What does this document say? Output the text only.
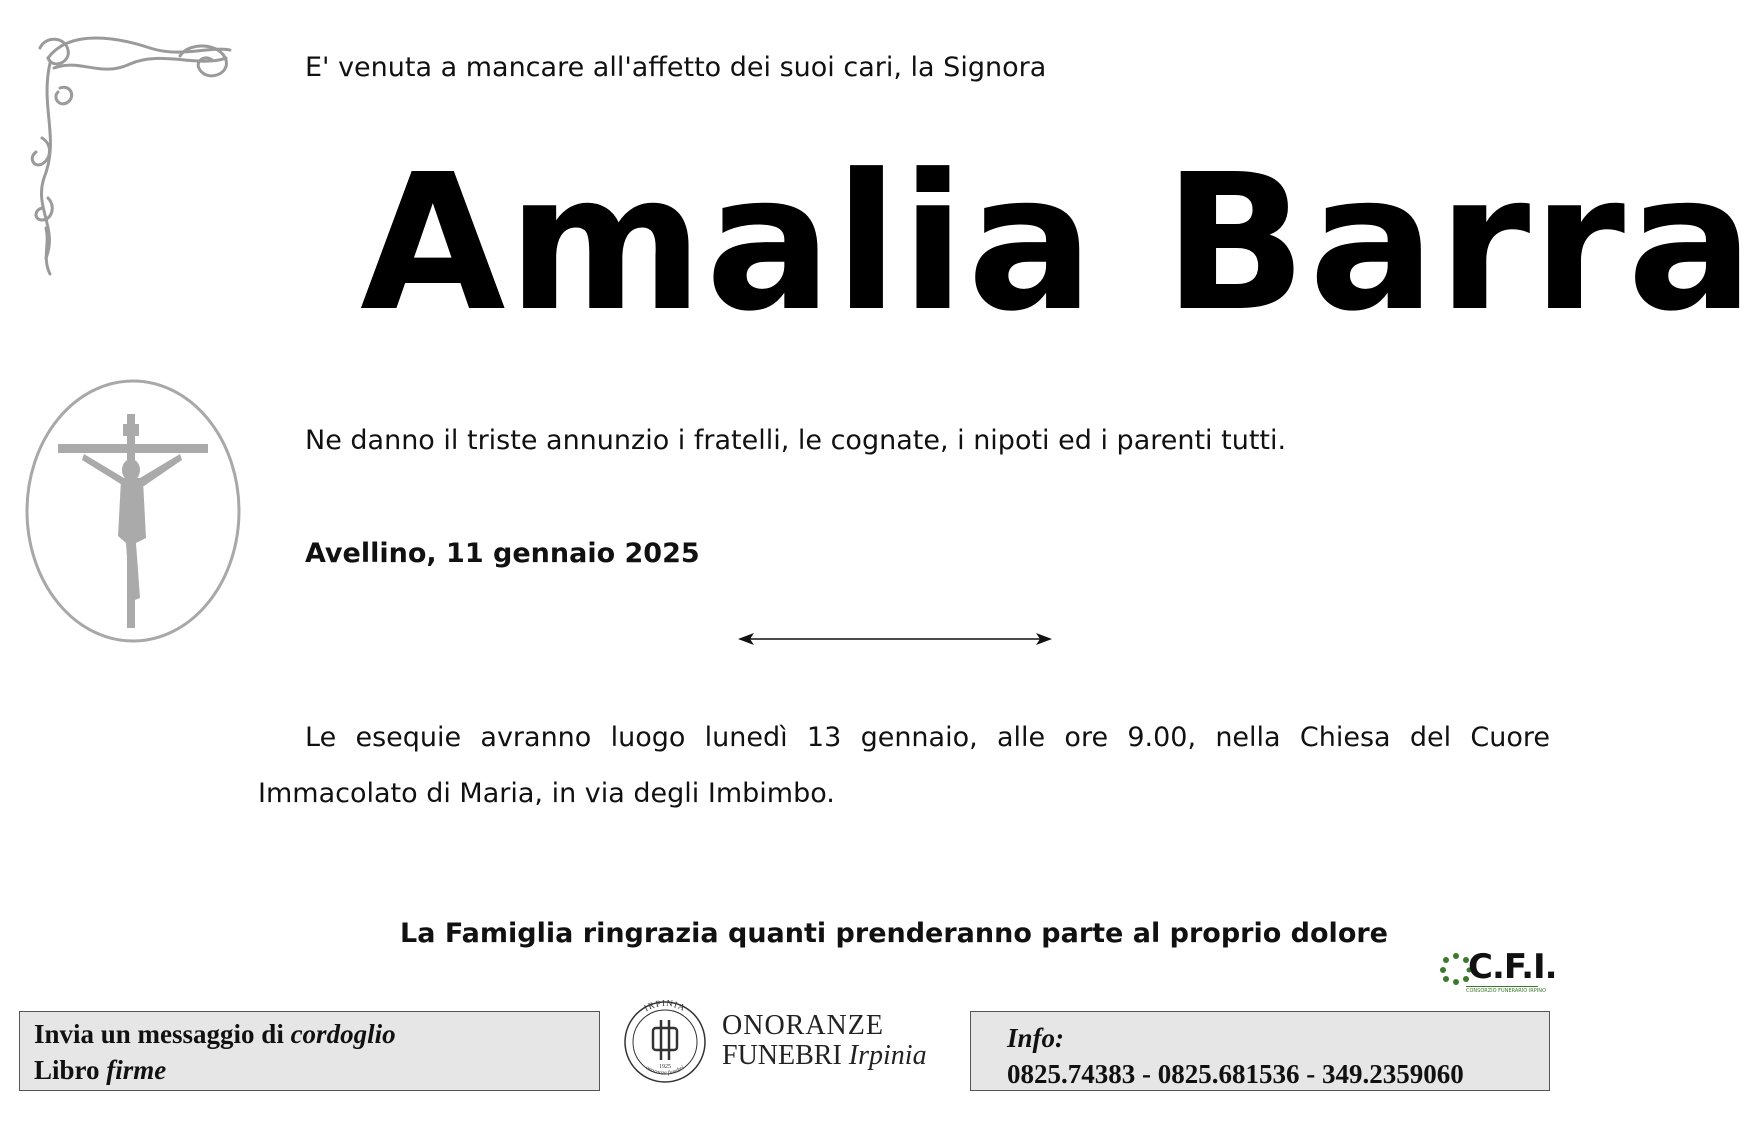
E' venuta a mancare all'affetto dei suoi cari, la Signora
Amalia Barra
Ne danno il triste annunzio i fratelli, le cognate, i nipoti ed i parenti tutti.
Avellino, 11 gennaio 2025
Le esequie avranno luogo lunedì 13 gennaio, alle ore 9.00, nella Chiesa del Cuore Immacolato di Maria, in via degli Imbimbo.
La Famiglia ringrazia quanti prenderanno parte al proprio dolore
C.F.I.
CONSORZIO FUNERARIO IRPINO
Invia un messaggio di cordoglio
Libro firme
IRPINIA
onoranze funebri
1925
ONORANZE
FUNEBRI Irpinia
Info:
0825.74383 - 0825.681536 - 349.2359060
